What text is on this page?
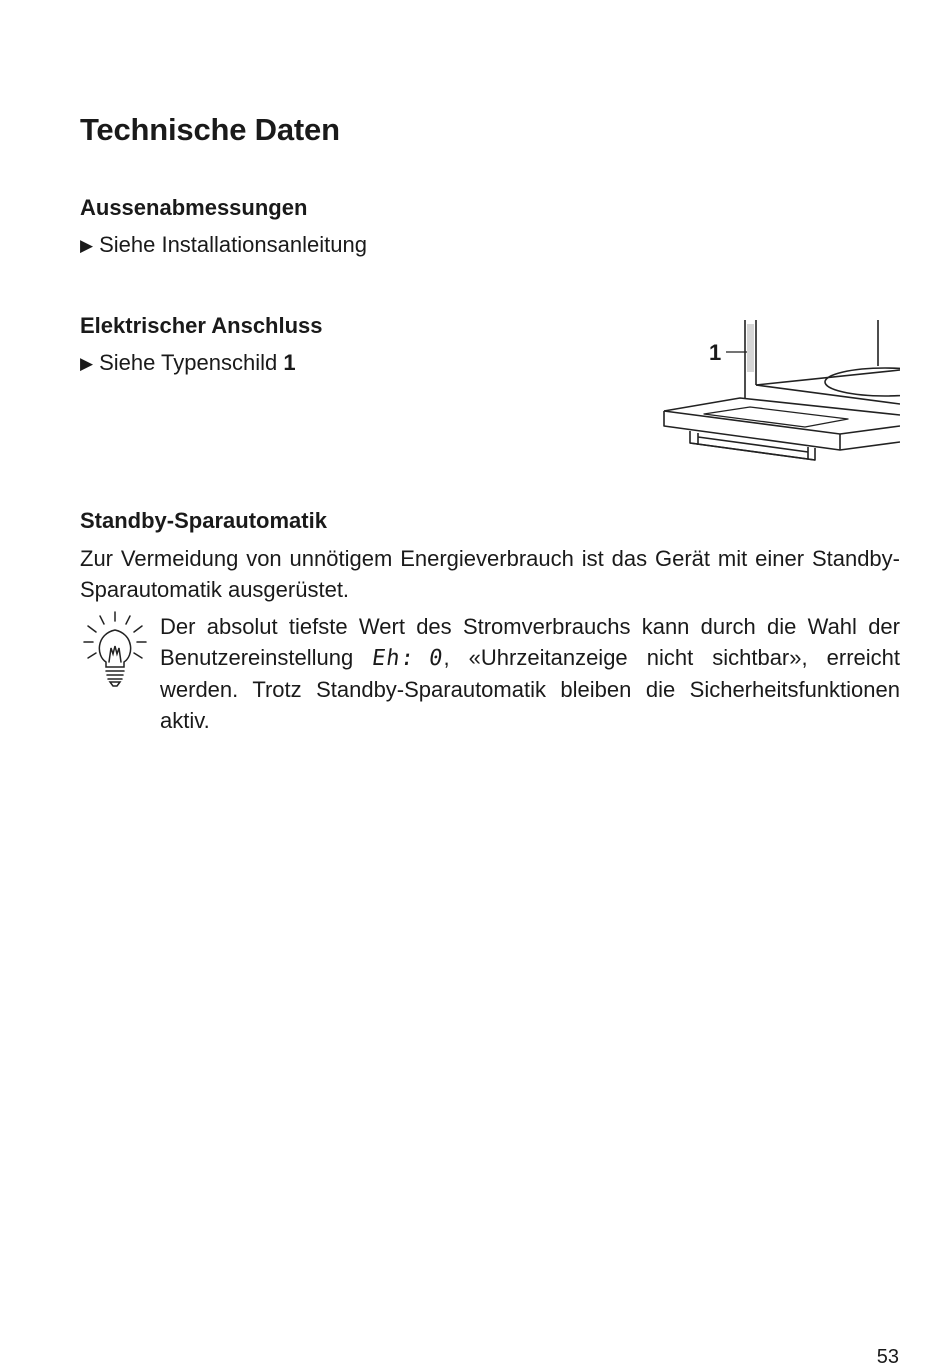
Technische Daten
Aussenabmessungen

▶ Siehe Installationsanleitung

Elektrischer Anschluss

▶ Siehe Typenschild 1	1

Standby-Sparautomatik

Zur Vermeidung von unnötigem Energieverbrauch ist das Gerät mit einer Standby-Sparautomatik ausgerüstet.

Der absolut tiefste Wert des Stromverbrauchs kann durch die Wahl der Benutzereinstellung Eh: 0, «Uhrzeitanzeige nicht sichtbar», erreicht werden. Trotz Standby-Sparautomatik bleiben die Sicherheitsfunktionen aktiv.

53
